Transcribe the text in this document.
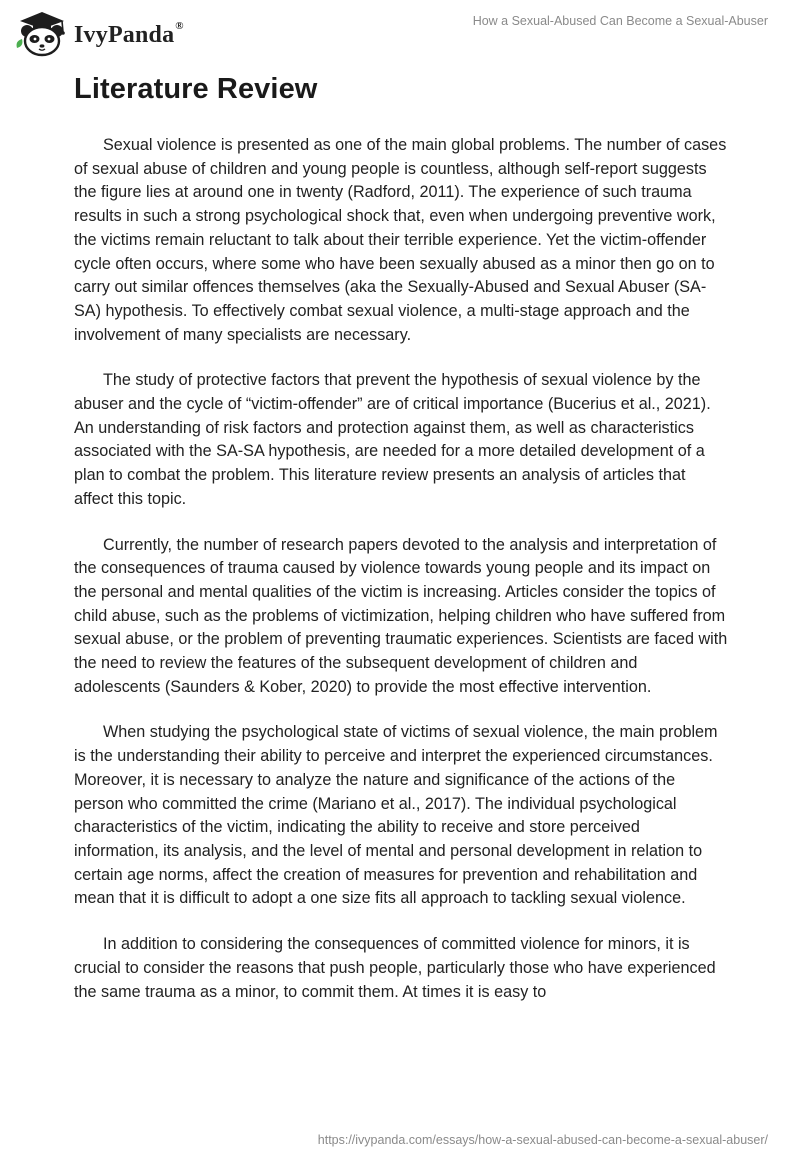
IvyPanda®	How a Sexual-Abused Can Become a Sexual-Abuser
Literature Review

Sexual violence is presented as one of the main global problems. The number of cases of sexual abuse of children and young people is countless, although self-report suggests the figure lies at around one in twenty (Radford, 2011). The experience of such trauma results in such a strong psychological shock that, even when undergoing preventive work, the victims remain reluctant to talk about their terrible experience. Yet the victim-offender cycle often occurs, where some who have been sexually abused as a minor then go on to carry out similar offences themselves (aka the Sexually-Abused and Sexual Abuser (SA-SA) hypothesis. To effectively combat sexual violence, a multi-stage approach and the involvement of many specialists are necessary.

The study of protective factors that prevent the hypothesis of sexual violence by the abuser and the cycle of “victim-offender” are of critical importance (Bucerius et al., 2021). An understanding of risk factors and protection against them, as well as characteristics associated with the SA-SA hypothesis, are needed for a more detailed development of a plan to combat the problem. This literature review presents an analysis of articles that affect this topic.

Currently, the number of research papers devoted to the analysis and interpretation of the consequences of trauma caused by violence towards young people and its impact on the personal and mental qualities of the victim is increasing. Articles consider the topics of child abuse, such as the problems of victimization, helping children who have suffered from sexual abuse, or the problem of preventing traumatic experiences. Scientists are faced with the need to review the features of the subsequent development of children and adolescents (Saunders & Kober, 2020) to provide the most effective intervention.

When studying the psychological state of victims of sexual violence, the main problem is the understanding their ability to perceive and interpret the experienced circumstances. Moreover, it is necessary to analyze the nature and significance of the actions of the person who committed the crime (Mariano et al., 2017). The individual psychological characteristics of the victim, indicating the ability to receive and store perceived information, its analysis, and the level of mental and personal development in relation to certain age norms, affect the creation of measures for prevention and rehabilitation and mean that it is difficult to adopt a one size fits all approach to tackling sexual violence.

In addition to considering the consequences of committed violence for minors, it is crucial to consider the reasons that push people, particularly those who have experienced the same trauma as a minor, to commit them. At times it is easy to

https://ivypanda.com/essays/how-a-sexual-abused-can-become-a-sexual-abuser/
